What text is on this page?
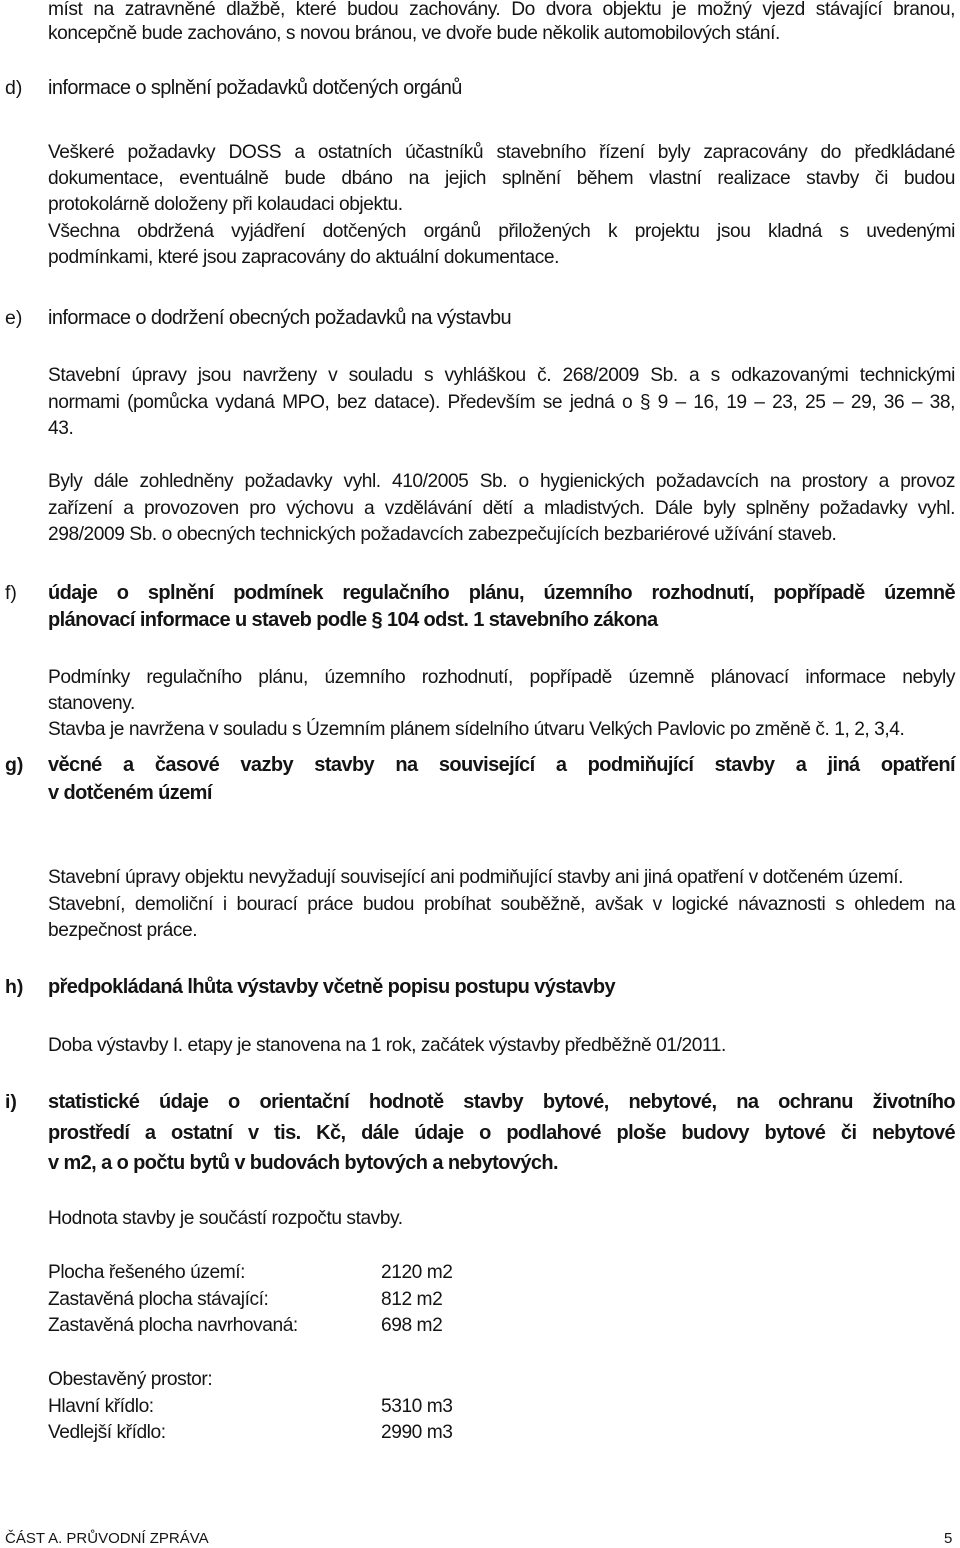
míst na zatravněné dlažbě, které budou zachovány. Do dvora objektu je možný vjezd stávající branou,
koncepčně bude zachováno, s novou bránou, ve dvoře bude několik automobilových stání.
d) informace o splnění požadavků dotčených orgánů
Veškeré požadavky DOSS a ostatních účastníků stavebního řízení byly zapracovány do předkládané
dokumentace, eventuálně bude dbáno na jejich splnění během vlastní realizace stavby či budou
protokolárně doloženy při kolaudaci objektu.
Všechna obdržená vyjádření dotčených orgánů přiložených k projektu jsou kladná s uvedenými
podmínkami, které jsou zapracovány do aktuální dokumentace.
e) informace o dodržení obecných požadavků na výstavbu
Stavební úpravy jsou navrženy v souladu s vyhláškou č. 268/2009 Sb. a s odkazovanými technickými
normami (pomůcka vydaná MPO, bez datace). Především se jedná o § 9 – 16, 19 – 23, 25 – 29, 36 – 38,
43.
Byly dále zohledněny požadavky vyhl. 410/2005 Sb. o hygienických požadavcích na prostory a provoz
zařízení a provozoven pro výchovu a vzdělávání dětí a mladistvých. Dále byly splněny požadavky vyhl.
298/2009 Sb. o obecných technických požadavcích zabezpečujících bezbariérové užívání staveb.
f) údaje o splnění podmínek regulačního plánu, územního rozhodnutí, popřípadě územně
plánovací informace u staveb podle § 104 odst. 1 stavebního zákona
Podmínky regulačního plánu, územního rozhodnutí, popřípadě územně plánovací informace nebyly
stanoveny.
Stavba je navržena v souladu s Územním plánem sídelního útvaru Velkých Pavlovic po změně č. 1, 2, 3,4.
g) věcné a časové vazby stavby na související a podmiňující stavby a jiná opatření
v dotčeném území
Stavební úpravy objektu nevyžadují související ani podmiňující stavby ani jiná opatření v dotčeném území.
Stavební, demoliční i bourací práce budou probíhat souběžně, avšak v logické návaznosti s ohledem na
bezpečnost práce.
h) předpokládaná lhůta výstavby včetně popisu postupu výstavby
Doba výstavby I. etapy je stanovena na 1 rok, začátek výstavby předběžně 01/2011.
i) statistické údaje o orientační hodnotě stavby bytové, nebytové, na ochranu životního
prostředí a ostatní v tis. Kč, dále údaje o podlahové ploše budovy bytové či nebytové
v m2, a o počtu bytů v budovách bytových a nebytových.
Hodnota stavby je součástí rozpočtu stavby.
Plocha řešeného území:	2120 m2
Zastavěná plocha stávající:	812 m2
Zastavěná plocha navrhovaná:	698 m2
Obestavěný prostor:
Hlavní křídlo:	5310 m3
Vedlejší křídlo:	2990 m3
ČÁST A. PRŮVODNÍ ZPRÁVA	5
